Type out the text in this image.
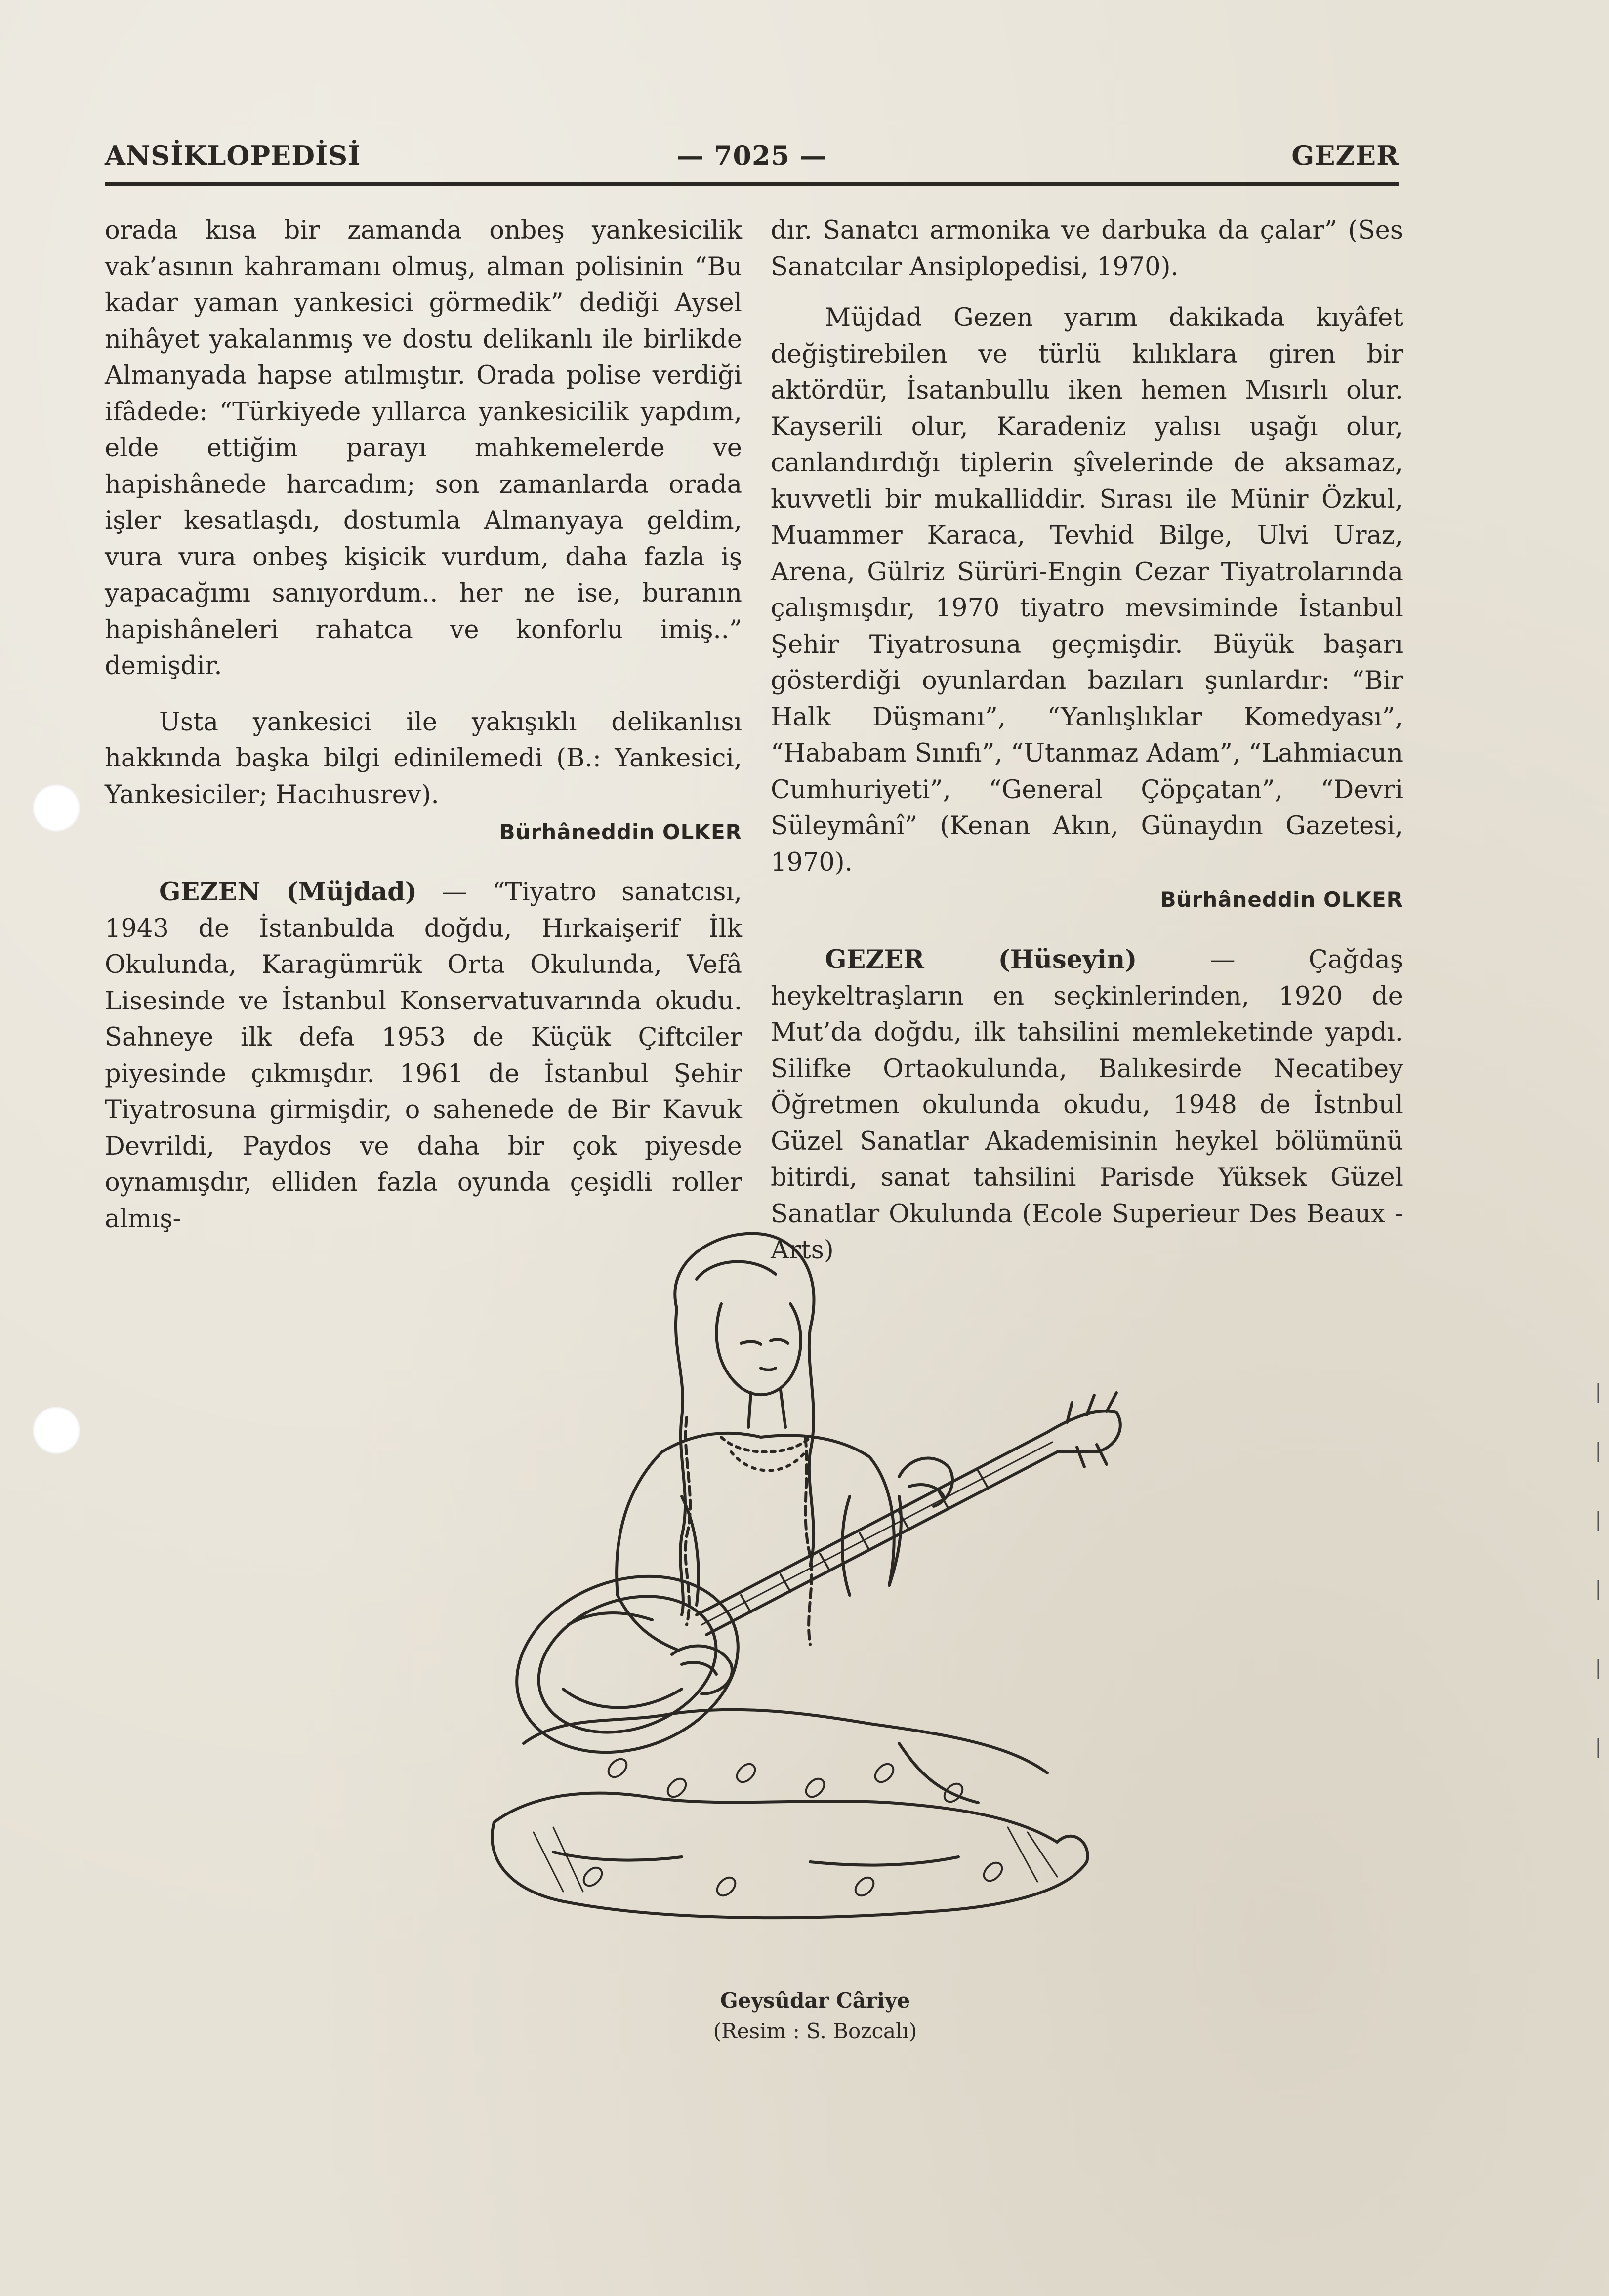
ANSİKLOPEDİSİ	— 7025 —	GEZER

orada kısa bir zamanda onbeş yankesicilik vak’asının kahramanı olmuş, alman polisinin “Bu kadar yaman yankesici görmedik” dediği Aysel nihâyet yakalanmış ve dostu delikanlı ile birlikde Almanyada hapse atılmıştır. Orada polise verdiği ifâdede: “Türkiyede yıllarca yankesicilik yapdım, elde ettiğim parayı mahkemelerde ve hapishânede harcadım; son zamanlarda orada işler kesatlaşdı, dostumla Almanyaya geldim, vura vura onbeş kişicik vurdum, daha fazla iş yapacağımı sanıyordum.. her ne ise, buranın hapishâneleri rahatca ve konforlu imiş..” demişdir.

Usta yankesici ile yakışıklı delikanlısı hakkında başka bilgi edinilemedi (B.: Yankesici, Yankesiciler; Hacıhusrev).

Bürhâneddin OLKER

GEZEN (Müjdad) — “Tiyatro sanatcısı, 1943 de İstanbulda doğdu, Hırkaişerif İlk Okulunda, Karagümrük Orta Okulunda, Vefâ Lisesinde ve İstanbul Konservatuvarında okudu. Sahneye ilk defa 1953 de Küçük Çiftciler piyesinde çıkmışdır. 1961 de İstanbul Şehir Tiyatrosuna girmişdir, o sahenede de Bir Kavuk Devrildi, Paydos ve daha bir çok piyesde oynamışdır, elliden fazla oyunda çeşidli roller almış-

dır. Sanatcı armonika ve darbuka da çalar” (Ses Sanatcılar Ansiplopedisi, 1970).

Müjdad Gezen yarım dakikada kıyâfet değiştirebilen ve türlü kılıklara giren bir aktördür, İsatanbullu iken hemen Mısırlı olur. Kayserili olur, Karadeniz yalısı uşağı olur, canlandırdığı tiplerin şîvelerinde de aksamaz, kuvvetli bir mukalliddir. Sırası ile Münir Özkul, Muammer Karaca, Tevhid Bilge, Ulvi Uraz, Arena, Gülriz Sürüri-Engin Cezar Tiyatrolarında çalışmışdır, 1970 tiyatro mevsiminde İstanbul Şehir Tiyatrosuna geçmişdir. Büyük başarı gösterdiği oyunlardan bazıları şunlardır: “Bir Halk Düşmanı”, “Yanlışlıklar Komedyası”, “Hababam Sınıfı”, “Utanmaz Adam”, “Lahmiacun Cumhuriyeti”, “General Çöpçatan”, “Devri Süleymânî” (Kenan Akın, Günaydın Gazetesi, 1970).

Bürhâneddin OLKER

GEZER (Hüseyin) — Çağdaş heykeltraşların en seçkinlerinden, 1920 de Mut’da doğdu, ilk tahsilini memleketinde yapdı. Silifke Ortaokulunda, Balıkesirde Necatibey Öğretmen okulunda okudu, 1948 de İstnbul Güzel Sanatlar Akademisinin heykel bölümünü bitirdi, sanat tahsilini Parisde Yüksek Güzel Sanatlar Okulunda (Ecole Superieur Des Beaux - Arts)

Geysûdar Câriye
(Resim : S. Bozcalı)
